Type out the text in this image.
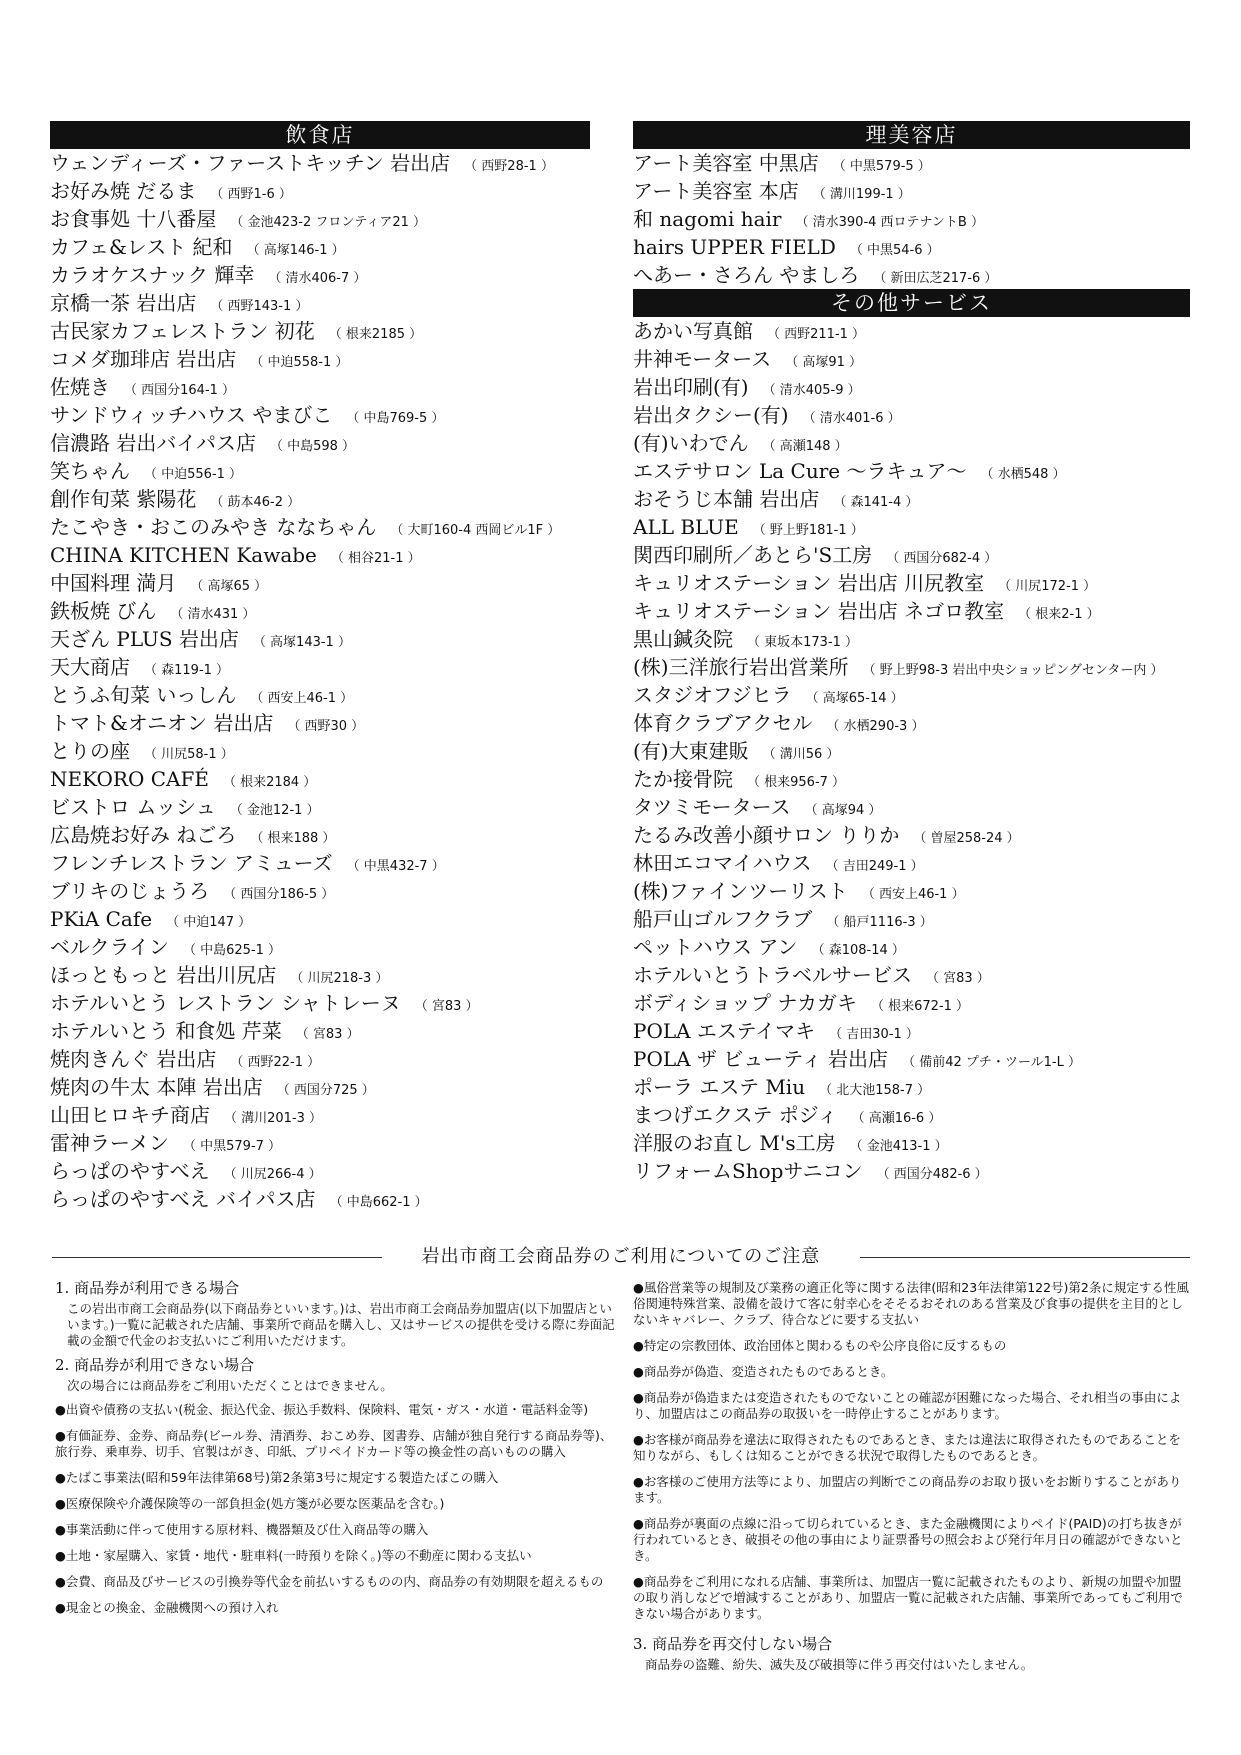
飲食店
ウェンディーズ・ファーストキッチン 岩出店 （ 西野28-1 ）
お好み焼 だるま （ 西野1-6 ）
お食事処 十八番屋 （ 金池423-2 フロンティア21 ）
カフェ&レスト 紀和 （ 高塚146-1 ）
カラオケスナック 輝幸 （ 清水406-7 ）
京橋一茶 岩出店 （ 西野143-1 ）
古民家カフェレストラン 初花 （ 根来2185 ）
コメダ珈琲店 岩出店 （ 中迫558-1 ）
佐焼き （ 西国分164-1 ）
サンドウィッチハウス やまびこ （ 中島769-5 ）
信濃路 岩出バイパス店 （ 中島598 ）
笑ちゃん （ 中迫556-1 ）
創作旬菜 紫陽花 （ 莇本46-2 ）
たこやき・おこのみやき ななちゃん （ 大町160-4 西岡ビル1F ）
CHINA KITCHEN Kawabe （ 相谷21-1 ）
中国料理 満月 （ 高塚65 ）
鉄板焼 びん （ 清水431 ）
天ざん PLUS 岩出店 （ 高塚143-1 ）
天大商店 （ 森119-1 ）
とうふ旬菜 いっしん （ 西安上46-1 ）
トマト&オニオン 岩出店 （ 西野30 ）
とりの座 （ 川尻58-1 ）
NEKORO CAFÉ （ 根来2184 ）
ビストロ ムッシュ （ 金池12-1 ）
広島焼お好み ねごろ （ 根来188 ）
フレンチレストラン アミューズ （ 中黒432-7 ）
ブリキのじょうろ （ 西国分186-5 ）
PKiA Cafe （ 中迫147 ）
ベルクライン （ 中島625-1 ）
ほっともっと 岩出川尻店 （ 川尻218-3 ）
ホテルいとう レストラン シャトレーヌ （ 宮83 ）
ホテルいとう 和食処 芹菜 （ 宮83 ）
焼肉きんぐ 岩出店 （ 西野22-1 ）
焼肉の牛太 本陣 岩出店 （ 西国分725 ）
山田ヒロキチ商店 （ 溝川201-3 ）
雷神ラーメン （ 中黒579-7 ）
らっぱのやすべえ （ 川尻266-4 ）
らっぱのやすべえ バイパス店 （ 中島662-1 ）
理美容店
アート美容室 中黒店 （ 中黒579-5 ）
アート美容室 本店 （ 溝川199-1 ）
和 nagomi hair （ 清水390-4 西ロテナントB ）
hairs UPPER FIELD （ 中黒54-6 ）
へあー・さろん やましろ （ 新田広芝217-6 ）
その他サービス
あかい写真館 （ 西野211-1 ）
井神モータース （ 高塚91 ）
岩出印刷(有) （ 清水405-9 ）
岩出タクシー(有) （ 清水401-6 ）
(有)いわでん （ 高瀬148 ）
エステサロン La Cure ～ラキュア～ （ 水栖548 ）
おそうじ本舗 岩出店 （ 森141-4 ）
ALL BLUE （ 野上野181-1 ）
関西印刷所／あとら'S工房 （ 西国分682-4 ）
キュリオステーション 岩出店 川尻教室 （ 川尻172-1 ）
キュリオステーション 岩出店 ネゴロ教室 （ 根来2-1 ）
黒山鍼灸院 （ 東坂本173-1 ）
(株)三洋旅行岩出営業所 （ 野上野98-3 岩出中央ショッピングセンター内 ）
スタジオフジヒラ （ 高塚65-14 ）
体育クラブアクセル （ 水栖290-3 ）
(有)大東建販 （ 溝川56 ）
たか接骨院 （ 根来956-7 ）
タツミモータース （ 高塚94 ）
たるみ改善小顔サロン りりか （ 曽屋258-24 ）
林田エコマイハウス （ 吉田249-1 ）
(株)ファインツーリスト （ 西安上46-1 ）
船戸山ゴルフクラブ （ 船戸1116-3 ）
ペットハウス アン （ 森108-14 ）
ホテルいとうトラベルサービス （ 宮83 ）
ボディショップ ナカガキ （ 根来672-1 ）
POLA エステイマキ （ 吉田30-1 ）
POLA ザ ビューティ 岩出店 （ 備前42 プチ・ツール1-L ）
ポーラ エステ Miu （ 北大池158-7 ）
まつげエクステ ポジィ （ 高瀬16-6 ）
洋服のお直し M's工房 （ 金池413-1 ）
リフォームShopサニコン （ 西国分482-6 ）
岩出市商工会商品券のご利用についてのご注意
1. 商品券が利用できる場合
この岩出市商工会商品券(以下商品券といいます。)は、岩出市商工会商品券加盟店(以下加盟店といいます。)一覧に記載された店舗、事業所で商品を購入し、又はサービスの提供を受ける際に券面記載の金額で代金のお支払いにご利用いただけます。
2. 商品券が利用できない場合
次の場合には商品券をご利用いただくことはできません。
●出資や債務の支払い(税金、振込代金、振込手数料、保険料、電気・ガス・水道・電話料金等)
●有価証券、金券、商品券(ビール券、清酒券、おこめ券、図書券、店舗が独自発行する商品券等)、旅行券、乗車券、切手、官製はがき、印紙、プリペイドカード等の換金性の高いものの購入
●たばこ事業法(昭和59年法律第68号)第2条第3号に規定する製造たばこの購入
●医療保険や介護保険等の一部負担金(処方箋が必要な医薬品を含む。)
●事業活動に伴って使用する原材料、機器類及び仕入商品等の購入
●土地・家屋購入、家賃・地代・駐車料(一時預りを除く。)等の不動産に関わる支払い
●会費、商品及びサービスの引換券等代金を前払いするものの内、商品券の有効期限を超えるもの
●現金との換金、金融機関への預け入れ
●風俗営業等の規制及び業務の適正化等に関する法律(昭和23年法律第122号)第2条に規定する性風俗関連特殊営業、設備を設けて客に射幸心をそそるおそれのある営業及び食事の提供を主目的としないキャバレー、クラブ、待合などに要する支払い
●特定の宗教団体、政治団体と関わるものや公序良俗に反するもの
●商品券が偽造、変造されたものであるとき。
●商品券が偽造または変造されたものでないことの確認が困難になった場合、それ相当の事由により、加盟店はこの商品券の取扱いを一時停止することがあります。
●お客様が商品券を違法に取得されたものであるとき、または違法に取得されたものであることを知りながら、もしくは知ることができる状況で取得したものであるとき。
●お客様のご使用方法等により、加盟店の判断でこの商品券のお取り扱いをお断りすることがあります。
●商品券が裏面の点線に沿って切られているとき、また金融機関によりペイド(PAID)の打ち抜きが行われているとき、破損その他の事由により証票番号の照会および発行年月日の確認ができないとき。
●商品券をご利用になれる店舗、事業所は、加盟店一覧に記載されたものより、新規の加盟や加盟の取り消しなどで増減することがあり、加盟店一覧に記載された店舗、事業所であってもご利用できない場合があります。
3. 商品券を再交付しない場合
商品券の盗難、紛失、滅失及び破損等に伴う再交付はいたしません。
